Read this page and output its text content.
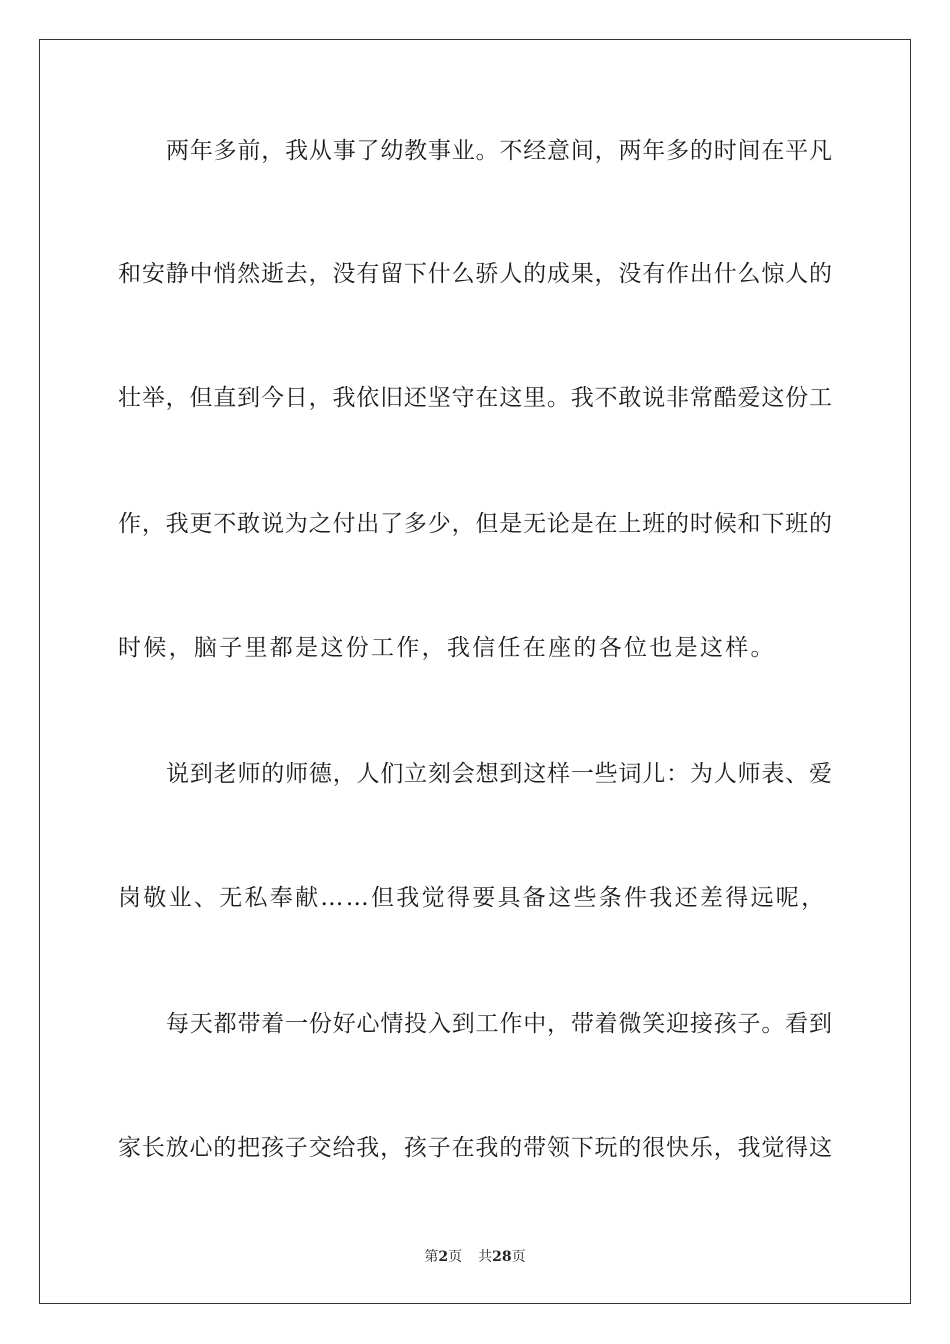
两年多前，我从事了幼教事业。不经意间，两年多的时间在平凡
和安静中悄然逝去，没有留下什么骄人的成果，没有作出什么惊人的
壮举，但直到今日，我依旧还坚守在这里。我不敢说非常酷爱这份工
作，我更不敢说为之付出了多少，但是无论是在上班的时候和下班的
时候，脑子里都是这份工作，我信任在座的各位也是这样。
说到老师的师德，人们立刻会想到这样一些词儿：为人师表、爱
岗敬业、无私奉献……但我觉得要具备这些条件我还差得远呢，
每天都带着一份好心情投入到工作中，带着微笑迎接孩子。看到
家长放心的把孩子交给我，孩子在我的带领下玩的很快乐，我觉得这
第2页 共28页
